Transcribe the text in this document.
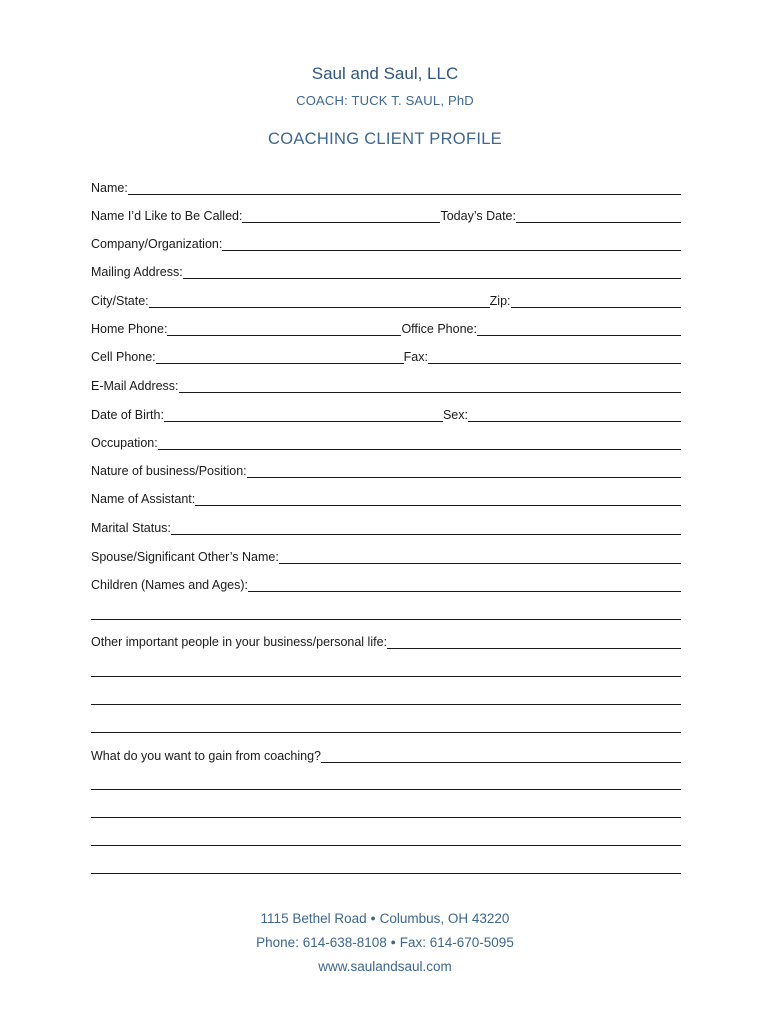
Saul and Saul, LLC
COACH: TUCK T. SAUL, PhD
COACHING CLIENT PROFILE
Name:
Name I’d Like to Be Called:	Today’s Date:
Company/Organization:
Mailing Address:
City/State:	Zip:
Home Phone:	Office Phone:
Cell Phone:	Fax:
E-Mail Address:
Date of Birth:	Sex:
Occupation:
Nature of business/Position:
Name of Assistant:
Marital Status:
Spouse/Significant Other’s Name:
Children (Names and Ages):
Other important people in your business/personal life:
What do you want to gain from coaching?
1115 Bethel Road ● Columbus, OH 43220
Phone: 614-638-8108 ● Fax: 614-670-5095
www.saulandsaul.com
